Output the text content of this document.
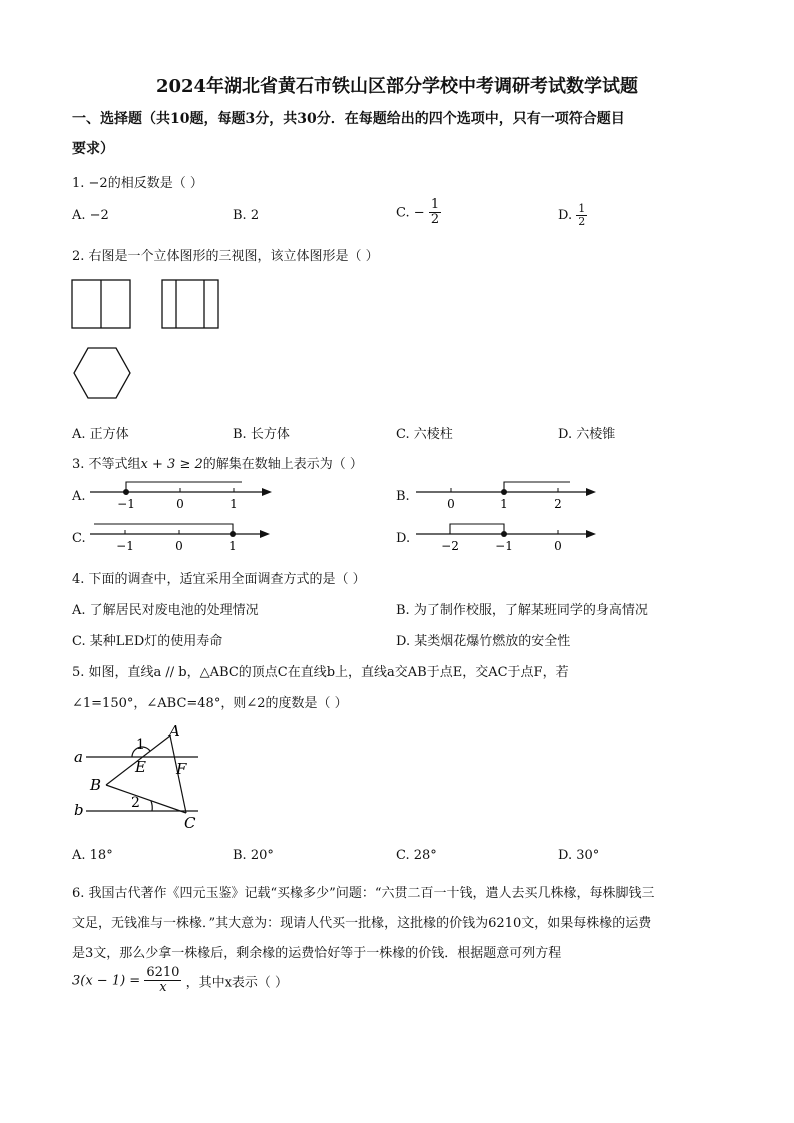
2024年湖北省黄石市铁山区部分学校中考调研考试数学试题
一、选择题（共10题，每题3分，共30分．在每题给出的四个选项中，只有一项符合题目
要求）
1. −2的相反数是（ ）
A. −2	B. 2	C. − $\frac{1}{2}$	D. $\frac{1}{2}$
2. 右图是一个立体图形的三视图，该立体图形是（ ）
A. 正方体	B. 长方体	C. 六棱柱	D. 六棱锥
3. 不等式组x + 3 ≥ 2的解集在数轴上表示为（ ）
A.	−1	0	1	B.	0	1	2
C.	−1	0	1	D.	−2	−1	0
4. 下面的调查中，适宜采用全面调查方式的是（ ）
A. 了解居民对废电池的处理情况	B. 为了制作校服，了解某班同学的身高情况
C. 某种LED灯的使用寿命	D. 某类烟花爆竹燃放的安全性
5. 如图，直线a // b，△ABC的顶点C在直线b上，直线a交AB于点E，交AC于点F，若
∠1=150°，∠ABC=48°，则∠2的度数是（ ）
a
b
A
B
C
E F
1
2
A. 18°	B. 20°	C. 28°	D. 30°
6. 我国古代著作《四元玉鉴》记载“买椽多少”问题：“六贯二百一十钱，遣人去买几株椽，每株脚钱三
文足，无钱准与一株椽．”其大意为：现请人代买一批椽，这批椽的价钱为6210文，如果每株椽的运费
是3文，那么少拿一株椽后，剩余椽的运费恰好等于一株椽的价钱．根据题意可列方程
$3(x - 1) = \frac{6210}{x}$ ，其中x表示（ ）
